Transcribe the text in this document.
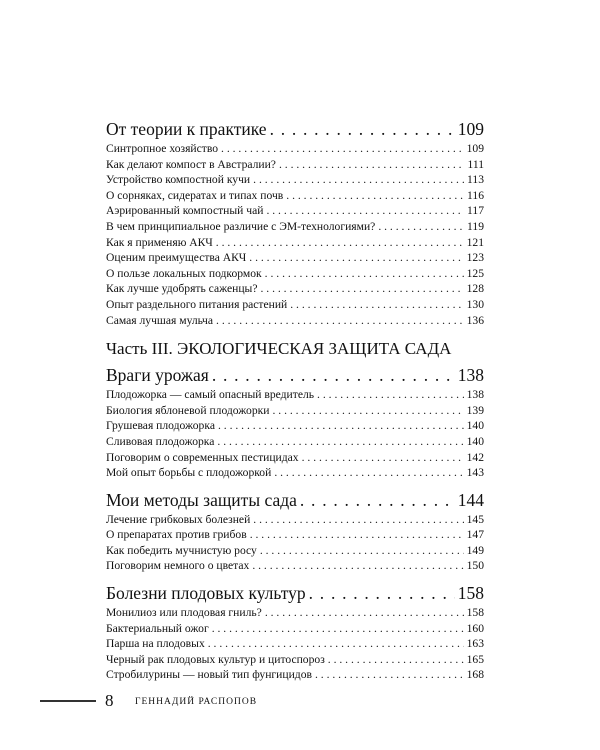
От теории к практике . . .	109
Синтропное хозяйство . . .	109
Как делают компост в Австралии? . . .	111
Устройство компостной кучи . . .	113
О сорняках, сидератах и типах почв . . .	116
Аэрированный компостный чай . . .	117
В чем принципиальное различие с ЭМ-технологиями? . . .	119
Как я применяю АКЧ . . .	121
Оценим преимущества АКЧ . . .	123
О пользе локальных подкормок . . .	125
Как лучше удобрять саженцы? . . .	128
Опыт раздельного питания растений . . .	130
Самая лучшая мульча . . .	136
Часть III. ЭКОЛОГИЧЕСКАЯ ЗАЩИТА САДА
Враги урожая . . .	138
Плодожорка — самый опасный вредитель . . .	138
Биология яблоневой плодожорки . . .	139
Грушевая плодожорка . . .	140
Сливовая плодожорка . . .	140
Поговорим о современных пестицидах . . .	142
Мой опыт борьбы с плодожоркой . . .	143
Мои методы защиты сада . . .	144
Лечение грибковых болезней . . .	145
О препаратах против грибов . . .	147
Как победить мучнистую росу . . .	149
Поговорим немного о цветах . . .	150
Болезни плодовых культур . . .	158
Монилиоз или плодовая гниль? . . .	158
Бактериальный ожог . . .	160
Парша на плодовых . . .	163
Черный рак плодовых культур и цитоспороз . . .	165
Стробилурины — новый тип фунгицидов . . .	168
8 ГЕННАДИЙ РАСПОПОВ
